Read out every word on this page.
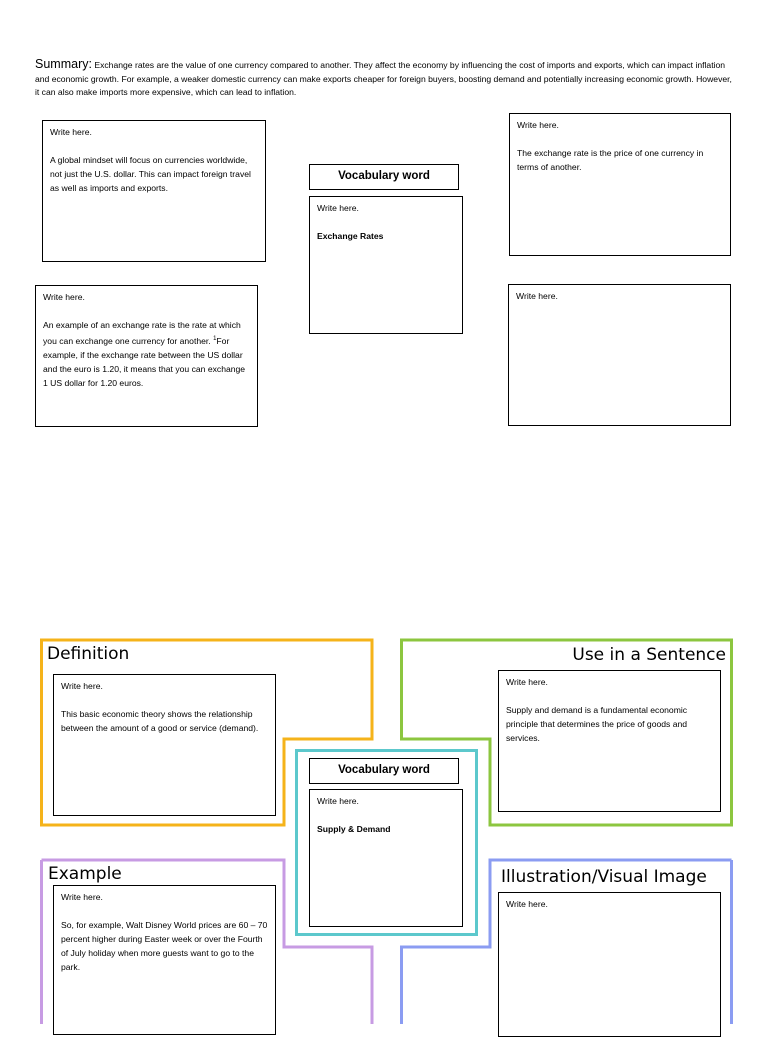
Summary: Exchange rates are the value of one currency compared to another. They affect the economy by influencing the cost of imports and exports, which can impact inflation and economic growth. For example, a weaker domestic currency can make exports cheaper for foreign buyers, boosting demand and potentially increasing economic growth. However, it can also make imports more expensive, which can lead to inflation.
Write here.
A global mindset will focus on currencies worldwide, not just the U.S. dollar. This can impact foreign travel as well as imports and exports.
Write here.
The exchange rate is the price of one currency in terms of another.
Vocabulary word
Write here.
Exchange Rates
Write here.
An example of an exchange rate is the rate at which you can exchange one currency for another. $^1$For example, if the exchange rate between the US dollar and the euro is 1.20, it means that you can exchange 1 US dollar for 1.20 euros.
Write here.
Definition	Use in a Sentence
Example	Illustration/Visual Image
Write here.
This basic economic theory shows the relationship between the amount of a good or service (demand).
Write here.
Supply and demand is a fundamental economic principle that determines the price of goods and services.
Vocabulary word
Write here.
Supply & Demand
Write here.
So, for example, Walt Disney World prices are 60 – 70 percent higher during Easter week or over the Fourth of July holiday when more guests want to go to the park.
Write here.
